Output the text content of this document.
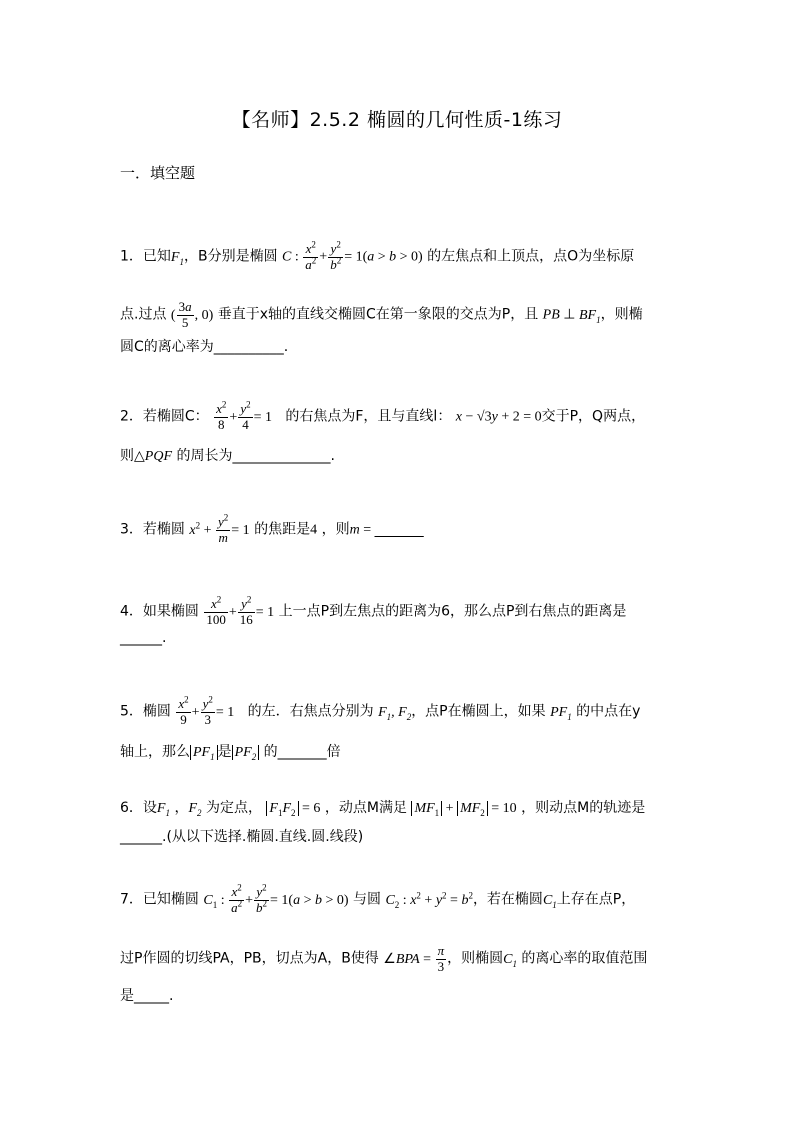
【名师】2.5.2 椭圆的几何性质-1练习
一．填空题
1．已知$F_1$，B分别是椭圆 C : $\frac{x^2}{a^2} + \frac{y^2}{b^2} = 1(a > b > 0)$ 的左焦点和上顶点，点O为坐标原
点.过点 ( $\frac{3a}{5}$ , 0) 垂直于x轴的直线交椭圆C在第一象限的交点为P，且 PB ⊥ $BF_1$，则椭
圆C的离心率为__________.
2．若椭圆C： $\frac{x^2}{8} + \frac{y^2}{4} = 1$ 的右焦点为F，且与直线l： x − √3y + 2 = 0交于P，Q两点，
则△PQF 的周长为______________.
3．若椭圆 $x^2 + \frac{y^2}{m} = 1$ 的焦距是4 ，则m = _______
4．如果椭圆 $\frac{x^2}{100} + \frac{y^2}{16} = 1$ 上一点P到左焦点的距离为6，那么点P到右焦点的距离是
______.
5．椭圆 $\frac{x^2}{9} + \frac{y^2}{3} = 1$ 的左．右焦点分别为 $F_1$, $F_2$，点P在椭圆上，如果 $PF_1$ 的中点在y
轴上，那么 $PF_1$ 是 $PF_2$ 的_______倍
6．设$F_1$ ，$F_2$ 为定点， $F_1F_2 = 6$ ，动点M满足 $MF_1 + MF_2 = 10$ ，则动点M的轨迹是
______.(从以下选择.椭圆.直线.圆.线段)
7．已知椭圆 $C_1$ : $\frac{x^2}{a^2} + \frac{y^2}{b^2} = 1(a > b > 0)$ 与圆 $C_2$ : $x^2 + y^2 = b^2$，若在椭圆$C_1$上存在点P，
过P作圆的切线PA，PB，切点为A，B使得 ∠BPA = $\frac{\pi}{3}$ ，则椭圆$C_1$ 的离心率的取值范围
是_____.
